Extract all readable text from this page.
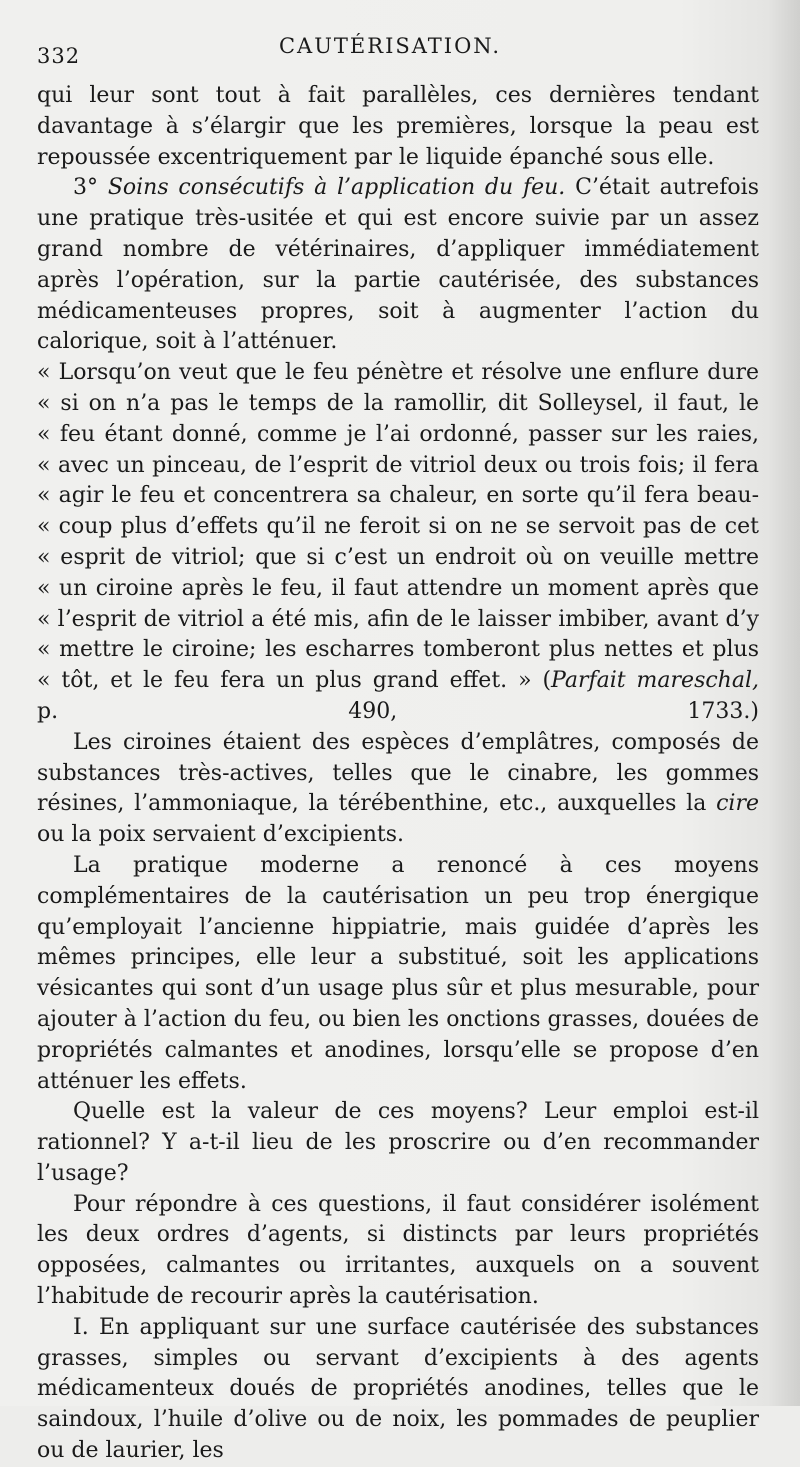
332	CAUTÉRISATION.

qui leur sont tout à fait parallèles, ces dernières tendant davantage à s’élargir que les premières, lorsque la peau est repoussée excentriquement par le liquide épanché sous elle.

3° Soins consécutifs à l’application du feu. C’était autrefois une pratique très-usitée et qui est encore suivie par un assez grand nombre de vétérinaires, d’appliquer immédiatement après l’opération, sur la partie cautérisée, des substances médicamenteuses propres, soit à augmenter l’action du calorique, soit à l’atténuer.

« Lorsqu’on veut que le feu pénètre et résolve une enflure dure
« si on n’a pas le temps de la ramollir, dit Solleysel, il faut, le
« feu étant donné, comme je l’ai ordonné, passer sur les raies,
« avec un pinceau, de l’esprit de vitriol deux ou trois fois; il fera
« agir le feu et concentrera sa chaleur, en sorte qu’il fera beau-
« coup plus d’effets qu’il ne feroit si on ne se servoit pas de cet
« esprit de vitriol; que si c’est un endroit où on veuille mettre
« un ciroine après le feu, il faut attendre un moment après que
« l’esprit de vitriol a été mis, afin de le laisser imbiber, avant d’y
« mettre le ciroine; les escharres tomberont plus nettes et plus
« tôt, et le feu fera un plus grand effet. » (Parfait mareschal,
p. 490, 1733.)

Les ciroines étaient des espèces d’emplâtres, composés de substances très-actives, telles que le cinabre, les gommes résines, l’ammoniaque, la térébenthine, etc., auxquelles la cire ou la poix servaient d’excipients.

La pratique moderne a renoncé à ces moyens complémentaires de la cautérisation un peu trop énergique qu’employait l’ancienne hippiatrie, mais guidée d’après les mêmes principes, elle leur a substitué, soit les applications vésicantes qui sont d’un usage plus sûr et plus mesurable, pour ajouter à l’action du feu, ou bien les onctions grasses, douées de propriétés calmantes et anodines, lorsqu’elle se propose d’en atténuer les effets.

Quelle est la valeur de ces moyens? Leur emploi est-il rationnel? Y a-t-il lieu de les proscrire ou d’en recommander l’usage?

Pour répondre à ces questions, il faut considérer isolément les deux ordres d’agents, si distincts par leurs propriétés opposées, calmantes ou irritantes, auxquels on a souvent l’habitude de recourir après la cautérisation.

I. En appliquant sur une surface cautérisée des substances grasses, simples ou servant d’excipients à des agents médicamenteux doués de propriétés anodines, telles que le saindoux, l’huile d’olive ou de noix, les pommades de peuplier ou de laurier, les
